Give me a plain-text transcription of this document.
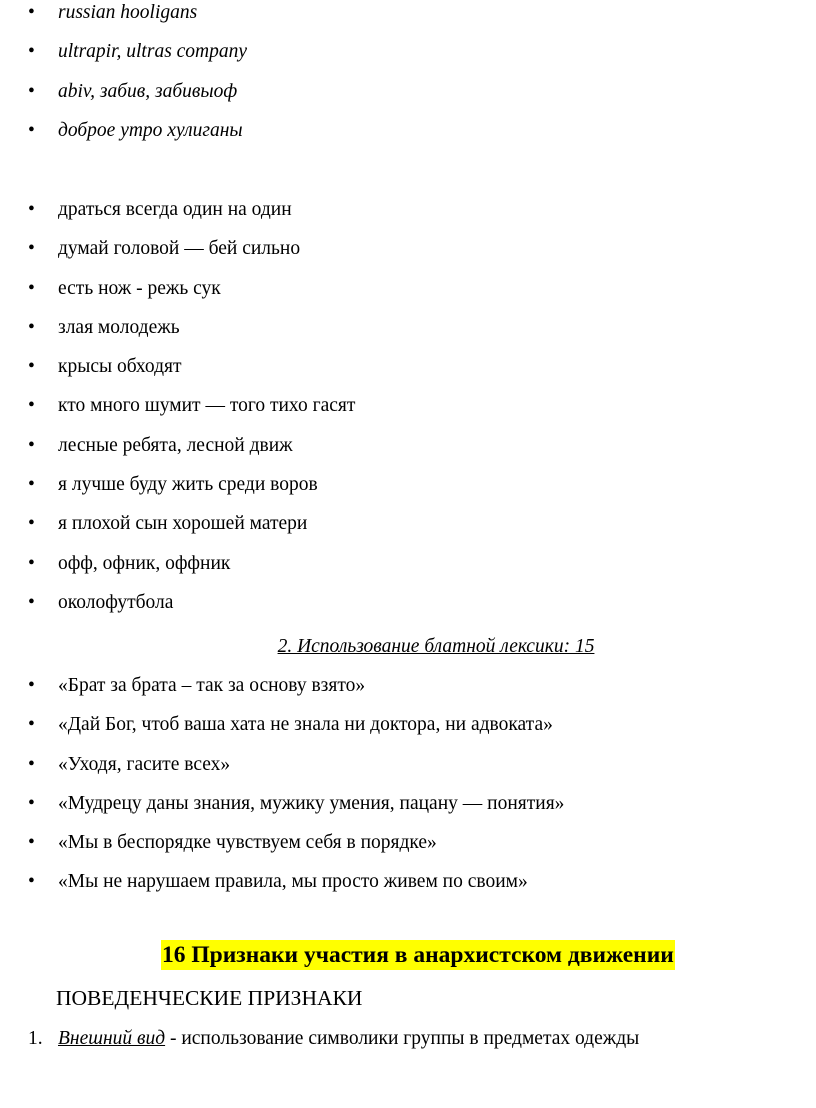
• russian hooligans
• ultrapir, ultras company
• abiv, забив, забивыоф
• доброе утро хулиганы
• драться всегда один на один
• думай головой — бей сильно
• есть нож - режь сук
• злая молодежь
• крысы обходят
• кто много шумит — того тихо гасят
• лесные ребята, лесной движ
• я лучше буду жить среди воров
• я плохой сын хорошей матери
• офф, офник, оффник
• околофутбола
2. Использование блатной лексики: 15
• «Брат за брата – так за основу взято»
• «Дай Бог, чтоб ваша хата не знала ни доктора, ни адвоката»
• «Уходя, гасите всех»
• «Мудрецу даны знания, мужику умения, пацану — понятия»
• «Мы в беспорядке чувствуем себя в порядке»
• «Мы не нарушаем правила, мы просто живем по своим»
16 Признаки участия в анархистском движении
ПОВЕДЕНЧЕСКИЕ ПРИЗНАКИ
1. Внешний вид - использование символики группы в предметах одежды
